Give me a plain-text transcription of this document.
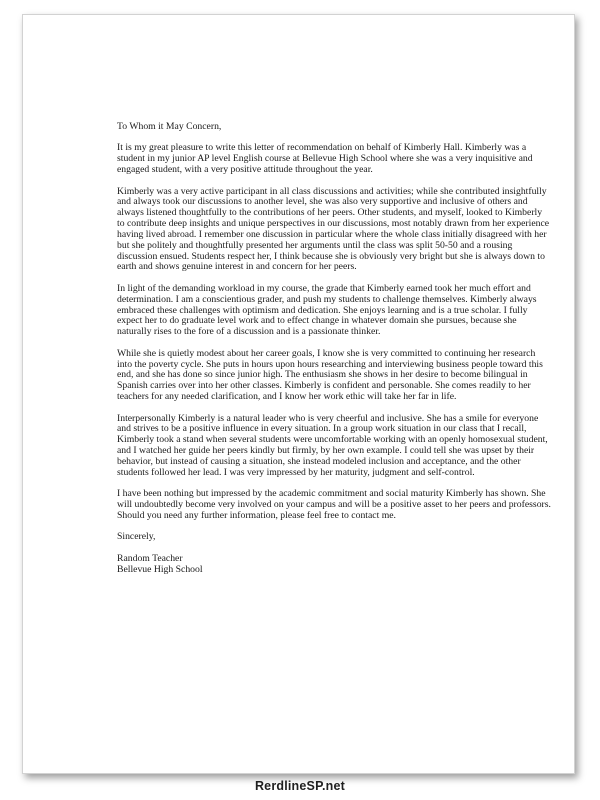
To Whom it May Concern,

It is my great pleasure to write this letter of recommendation on behalf of Kimberly Hall. Kimberly was a student in my junior AP level English course at Bellevue High School where she was a very inquisitive and engaged student, with a very positive attitude throughout the year.

Kimberly was a very active participant in all class discussions and activities; while she contributed insightfully and always took our discussions to another level, she was also very supportive and inclusive of others and always listened thoughtfully to the contributions of her peers. Other students, and myself, looked to Kimberly to contribute deep insights and unique perspectives in our discussions, most notably drawn from her experience having lived abroad. I remember one discussion in particular where the whole class initially disagreed with her but she politely and thoughtfully presented her arguments until the class was split 50-50 and a rousing discussion ensued. Students respect her, I think because she is obviously very bright but she is always down to earth and shows genuine interest in and concern for her peers.

In light of the demanding workload in my course, the grade that Kimberly earned took her much effort and determination. I am a conscientious grader, and push my students to challenge themselves. Kimberly always embraced these challenges with optimism and dedication. She enjoys learning and is a true scholar. I fully expect her to do graduate level work and to effect change in whatever domain she pursues, because she naturally rises to the fore of a discussion and is a passionate thinker.

While she is quietly modest about her career goals, I know she is very committed to continuing her research into the poverty cycle. She puts in hours upon hours researching and interviewing business people toward this end, and she has done so since junior high. The enthusiasm she shows in her desire to become bilingual in Spanish carries over into her other classes. Kimberly is confident and personable. She comes readily to her teachers for any needed clarification, and I know her work ethic will take her far in life.

Interpersonally Kimberly is a natural leader who is very cheerful and inclusive. She has a smile for everyone and strives to be a positive influence in every situation. In a group work situation in our class that I recall, Kimberly took a stand when several students were uncomfortable working with an openly homosexual student, and I watched her guide her peers kindly but firmly, by her own example. I could tell she was upset by their behavior, but instead of causing a situation, she instead modeled inclusion and acceptance, and the other students followed her lead. I was very impressed by her maturity, judgment and self-control.

I have been nothing but impressed by the academic commitment and social maturity Kimberly has shown. She will undoubtedly become very involved on your campus and will be a positive asset to her peers and professors. Should you need any further information, please feel free to contact me.

Sincerely,

Random Teacher
Bellevue High School
RerdlineSP.net
